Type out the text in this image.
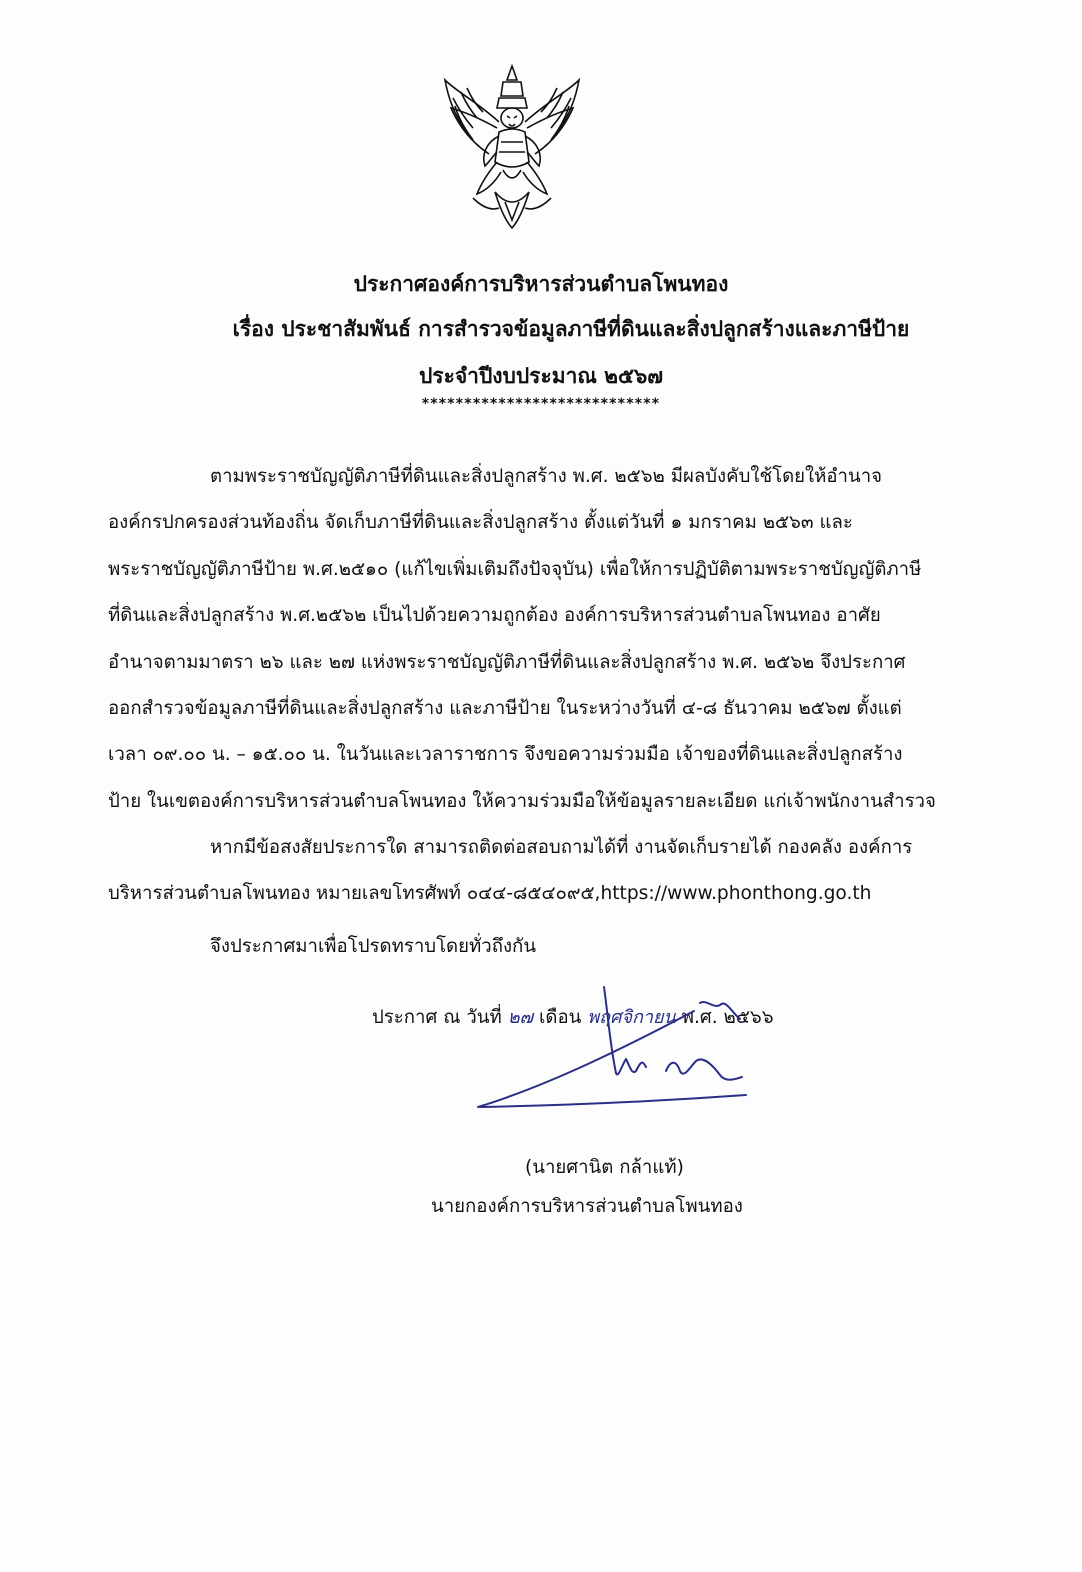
ประกาศองค์การบริหารส่วนตำบลโพนทอง
เรื่อง ประชาสัมพันธ์ การสำรวจข้อมูลภาษีที่ดินและสิ่งปลูกสร้างและภาษีป้าย
ประจำปีงบประมาณ ๒๕๖๗
****************************
ตามพระราชบัญญัติภาษีที่ดินและสิ่งปลูกสร้าง พ.ศ. ๒๕๖๒ มีผลบังคับใช้โดยให้อำนาจ
องค์กรปกครองส่วนท้องถิ่น จัดเก็บภาษีที่ดินและสิ่งปลูกสร้าง ตั้งแต่วันที่ ๑ มกราคม ๒๕๖๓ และ
พระราชบัญญัติภาษีป้าย พ.ศ.๒๕๑๐ (แก้ไขเพิ่มเติมถึงปัจจุบัน) เพื่อให้การปฏิบัติตามพระราชบัญญัติภาษี
ที่ดินและสิ่งปลูกสร้าง พ.ศ.๒๕๖๒ เป็นไปด้วยความถูกต้อง องค์การบริหารส่วนตำบลโพนทอง อาศัย
อำนาจตามมาตรา ๒๖ และ ๒๗ แห่งพระราชบัญญัติภาษีที่ดินและสิ่งปลูกสร้าง พ.ศ. ๒๕๖๒ จึงประกาศ
ออกสำรวจข้อมูลภาษีที่ดินและสิ่งปลูกสร้าง และภาษีป้าย ในระหว่างวันที่ ๔-๘ ธันวาคม ๒๕๖๗ ตั้งแต่
เวลา ๐๙.๐๐ น. – ๑๕.๐๐ น. ในวันและเวลาราชการ จึงขอความร่วมมือ เจ้าของที่ดินและสิ่งปลูกสร้าง
ป้าย ในเขตองค์การบริหารส่วนตำบลโพนทอง ให้ความร่วมมือให้ข้อมูลรายละเอียด แก่เจ้าพนักงานสำรวจ
หากมีข้อสงสัยประการใด สามารถติดต่อสอบถามได้ที่ งานจัดเก็บรายได้ กองคลัง องค์การ
บริหารส่วนตำบลโพนทอง หมายเลขโทรศัพท์ ๐๔๔-๘๕๔๐๙๕,https://www.phonthong.go.th
จึงประกาศมาเพื่อโปรดทราบโดยทั่วถึงกัน
ประกาศ ณ วันที่ ๒๗ เดือน พฤศจิกายน พ.ศ. ๒๕๖๖
(นายศานิต กล้าแท้)
นายกองค์การบริหารส่วนตำบลโพนทอง
